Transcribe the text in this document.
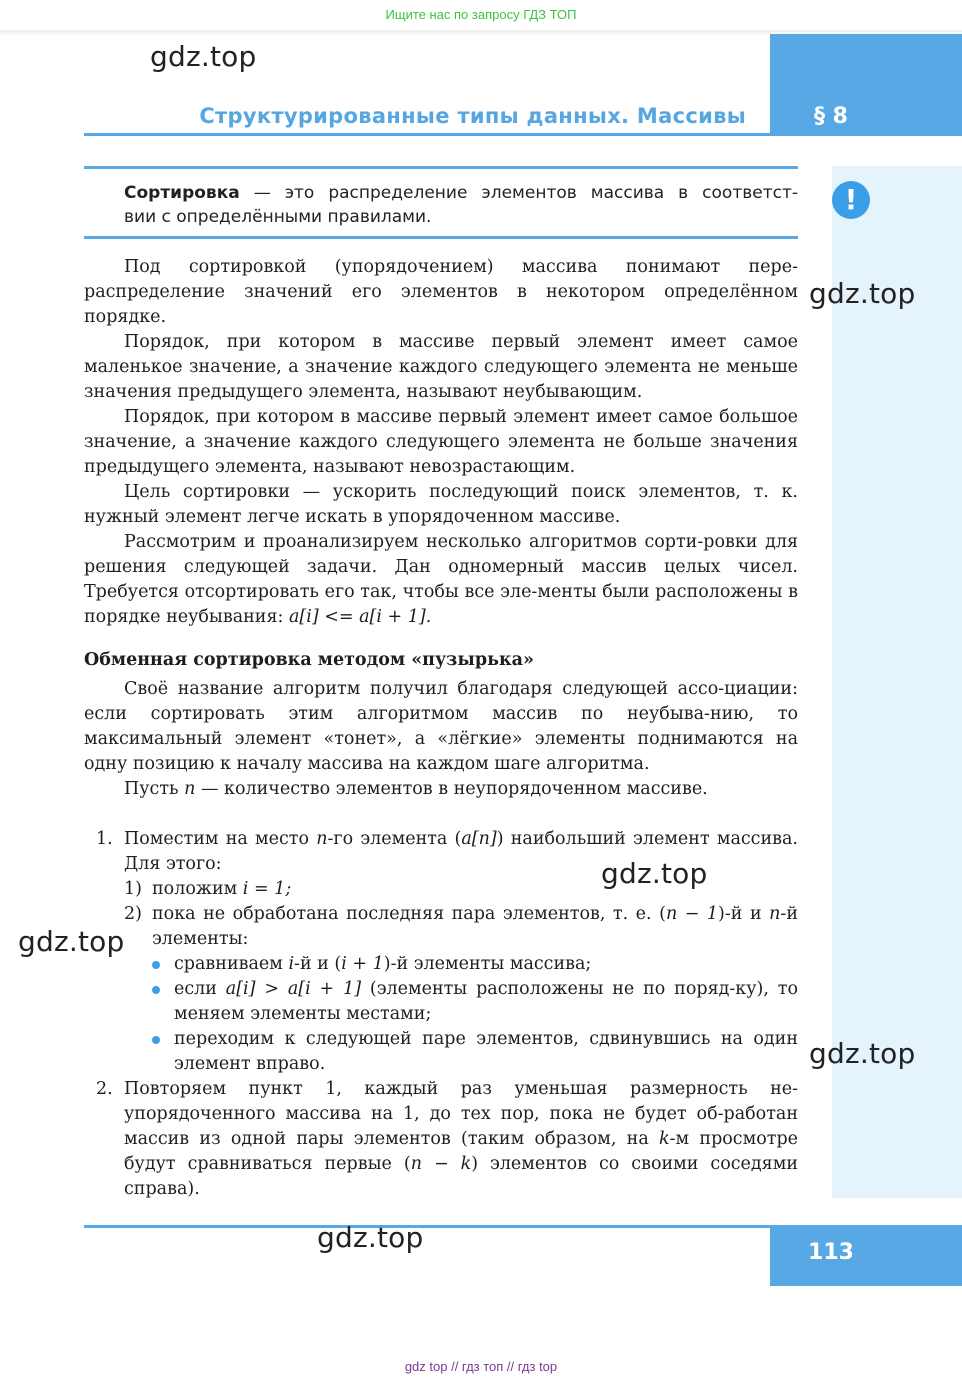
Ищите нас по запросу ГДЗ ТОП
§ 8
Структурированные типы данных. Массивы
!
Сортировка — это распределение элементов массива в соответст-
вии с определёнными правилами.

Под сортировкой (упорядочением) массива понимают пере-распределение значений его элементов в некотором определённом порядке.

Порядок, при котором в массиве первый элемент имеет самое маленькое значение, а значение каждого следующего элемента не меньше значения предыдущего элемента, называют неубывающим.

Порядок, при котором в массиве первый элемент имеет самое большое значение, а значение каждого следующего элемента не больше значения предыдущего элемента, называют невозрастающим.

Цель сортировки — ускорить последующий поиск элементов, т. к. нужный элемент легче искать в упорядоченном массиве.

Рассмотрим и проанализируем несколько алгоритмов сорти-ровки для решения следующей задачи. Дан одномерный массив целых чисел. Требуется отсортировать его так, чтобы все эле-менты были расположены в порядке неубывания: a[i] <= a[i + 1].

Обменная сортировка методом «пузырька»

Своё название алгоритм получил благодаря следующей ассо-циации: если сортировать этим алгоритмом массив по неубыва-нию, то максимальный элемент «тонет», а «лёгкие» элементы поднимаются на одну позицию к началу массива на каждом шаге алгоритма.

Пусть n — количество элементов в неупорядоченном массиве.

1. Поместим на место n-го элемента (a[n]) наибольший элемент массива. Для этого:
1) положим i = 1;
2) пока не обработана последняя пара элементов, т. е. (n − 1)-й и n-й элементы:
сравниваем i-й и (i + 1)-й элементы массива;
если a[i] > a[i + 1] (элементы расположены не по поряд-ку), то меняем элементы местами;
переходим к следующей паре элементов, сдвинувшись на один элемент вправо.
2. Повторяем пункт 1, каждый раз уменьшая размерность не-упорядоченного массива на 1, до тех пор, пока не будет об-работан массив из одной пары элементов (таким образом, на k-м просмотре будут сравниваться первые (n − k) элементов со своими соседями справа).
113
gdz.top
gdz.top
gdz.top
gdz.top
gdz.top
gdz.top
gdz top // гдз топ // гдз top
